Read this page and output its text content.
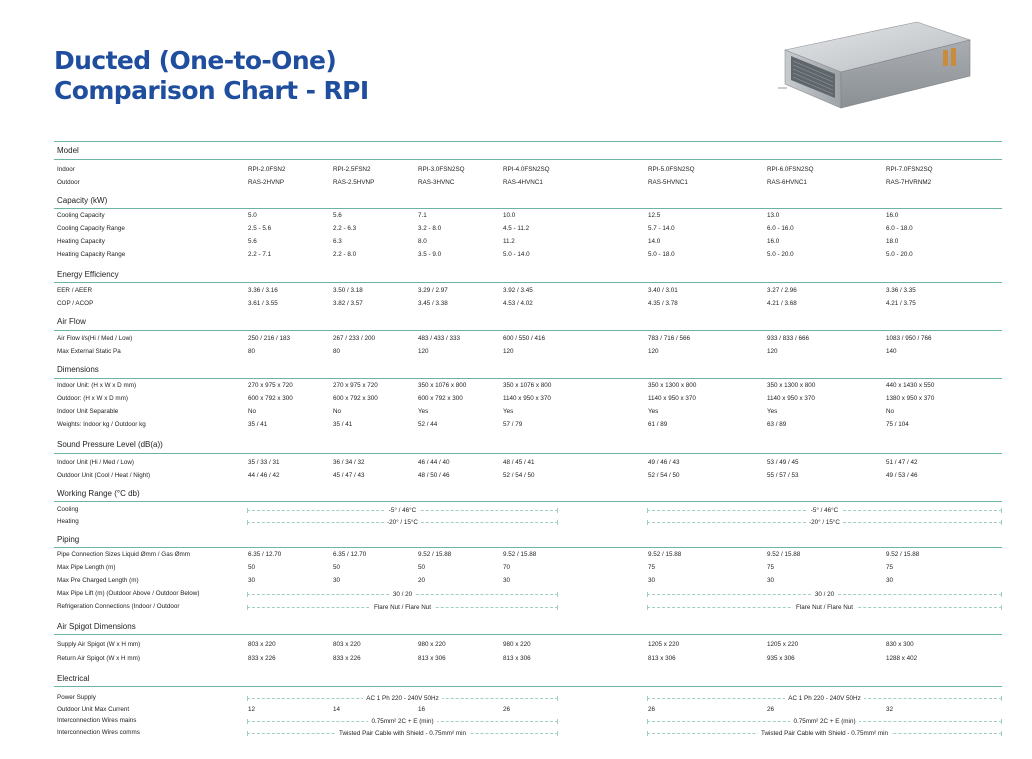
Ducted (One-to-One)
Comparison Chart - RPI
Model
Indoor	RPI-2.0FSN2	RPI-2.5FSN2	RPI-3.0FSN2SQ	RPI-4.0FSN2SQ	RPI-5.0FSN2SQ	RPI-6.0FSN2SQ	RPI-7.0FSN2SQ
Outdoor	RAS-2HVNP	RAS-2.5HVNP	RAS-3HVNC	RAS-4HVNC1	RAS-5HVNC1	RAS-6HVNC1	RAS-7HVRNM2
Capacity (kW)
Cooling Capacity	5.0	5.6	7.1	10.0	12.5	13.0	16.0
Cooling Capacity Range	2.5 - 5.6	2.2 - 6.3	3.2 - 8.0	4.5 - 11.2	5.7 - 14.0	6.0 - 16.0	6.0 - 18.0
Heating Capacity	5.6	6.3	8.0	11.2	14.0	16.0	18.0
Heating Capacity Range	2.2 - 7.1	2.2 - 8.0	3.5 - 9.0	5.0 - 14.0	5.0 - 18.0	5.0 - 20.0	5.0 - 20.0
Energy Efficiency
EER / AEER	3.36 / 3.16	3.50 / 3.18	3.29 / 2.97	3.92 / 3.45	3.40 / 3.01	3.27 / 2.96	3.36 / 3.35
COP / ACOP	3.61 / 3.55	3.82 / 3.57	3.45 / 3.38	4.53 / 4.02	4.35 / 3.78	4.21 / 3.68	4.21 / 3.75
Air Flow
Air Flow l/s(Hi / Med / Low)	250 / 216 / 183	267 / 233 / 200	483 / 433 / 333	600 / 550 / 416	783 / 716 / 566	933 / 833 / 666	1083 / 950 / 766
Max External Static Pa	80	80	120	120	120	120	140
Dimensions
Indoor Unit: (H x W x D mm)	270 x 975 x 720	270 x 975 x 720	350 x 1076 x 800	350 x 1076 x 800	350 x 1300 x 800	350 x 1300 x 800	440 x 1430 x 550
Outdoor: (H x W x D mm)	600 x 792 x 300	600 x 792 x 300	600 x 792 x 300	1140 x 950 x 370	1140 x 950 x 370	1140 x 950 x 370	1380 x 950 x 370
Indoor Unit Separable	No	No	Yes	Yes	Yes	Yes	No
Weights: Indoor kg / Outdoor kg	35 / 41	35 / 41	52 / 44	57 / 79	61 / 89	63 / 89	75 / 104
Sound Pressure Level (dB(a))
Indoor Unit (Hi / Med / Low)	35 / 33 / 31	36 / 34 / 32	46 / 44 / 40	48 / 45 / 41	49 / 46 / 43	53 / 49 / 45	51 / 47 / 42
Outdoor Unit (Cool / Heat / Night)	44 / 46 / 42	45 / 47 / 43	48 / 50 / 46	52 / 54 / 50	52 / 54 / 50	55 / 57 / 53	49 / 53 / 46
Working Range (°C db)
Cooling	-5° / 46°C	-5° / 46°C
Heating	-20° / 15°C	-20° / 15°C
Piping
Pipe Connection Sizes Liquid Ømm / Gas Ømm	6.35 / 12.70	6.35 / 12.70	9.52 / 15.88	9.52 / 15.88	9.52 / 15.88	9.52 / 15.88	9.52 / 15.88
Max Pipe Length (m)	50	50	50	70	75	75	75
Max Pre Charged Length (m)	30	30	20	30	30	30	30
Max Pipe Lift (m) (Outdoor Above / Outdoor Below)	30 / 20	30 / 20
Refrigeration Connections (Indoor / Outdoor	Flare Nut / Flare Nut	Flare Nut / Flare Nut
Air Spigot Dimensions
Supply Air Spigot (W x H mm)	803 x 220	803 x 220	980 x 220	980 x 220	1205 x 220	1205 x 220	830 x 300
Return Air Spigot (W x H mm)	833 x 226	833 x 226	813 x 306	813 x 306	813 x 306	935 x 306	1288 x 402
Electrical
Power Supply	AC 1 Ph 220 - 240V 50Hz	AC 1 Ph 220 - 240V 50Hz
Outdoor Unit Max Current	12	14	16	26	26	26	32
Interconnection Wires mains	0.75mm² 2C + E (min)	0.75mm² 2C + E (min)
Interconnection Wires comms	Twisted Pair Cable with Shield - 0.75mm² min	Twisted Pair Cable with Shield - 0.75mm² min
